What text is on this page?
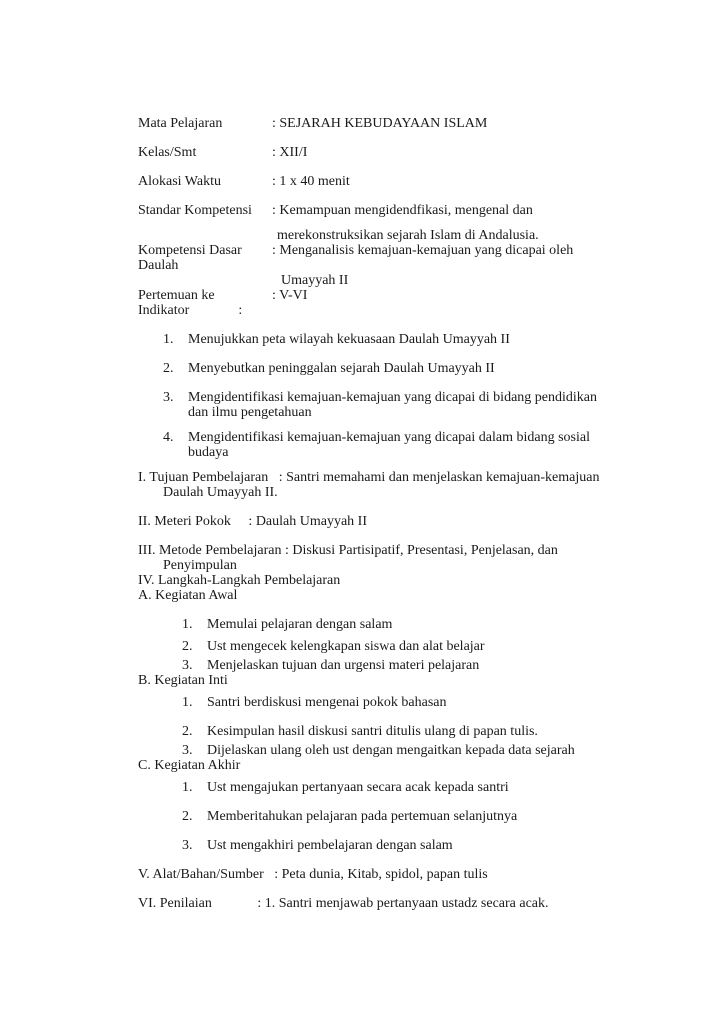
Mata Pelajaran	: SEJARAH KEBUDAYAAN ISLAM
Kelas/Smt	: XII/I
Alokasi Waktu	: 1 x 40 menit
Standar Kompetensi	: Kemampuan mengidendfikasi, mengenal dan
merekonstruksikan sejarah Islam di Andalusia.
Kompetensi Dasar	: Menganalisis kemajuan-kemajuan yang dicapai oleh
Daulah
Umayyah II
Pertemuan ke	: V-VI
Indikator              :
1.	Menujukkan peta wilayah kekuasaan Daulah Umayyah II
2.	Menyebutkan peninggalan sejarah Daulah Umayyah II
3.	Mengidentifikasi kemajuan-kemajuan yang dicapai di bidang pendidikan
dan ilmu pengetahuan
4.	Mengidentifikasi kemajuan-kemajuan yang dicapai dalam bidang sosial
budaya
I. Tujuan Pembelajaran   : Santri memahami dan menjelaskan kemajuan-kemajuan
Daulah Umayyah II.
II. Meteri Pokok     : Daulah Umayyah II
III. Metode Pembelajaran : Diskusi Partisipatif, Presentasi, Penjelasan, dan
Penyimpulan
IV. Langkah-Langkah Pembelajaran
A. Kegiatan Awal
1.	Memulai pelajaran dengan salam
2.	Ust mengecek kelengkapan siswa dan alat belajar
3.	Menjelaskan tujuan dan urgensi materi pelajaran
B. Kegiatan Inti
1.	Santri berdiskusi mengenai pokok bahasan
2.	Kesimpulan hasil diskusi santri ditulis ulang di papan tulis.
3.	Dijelaskan ulang oleh ust dengan mengaitkan kepada data sejarah
C. Kegiatan Akhir
1.	Ust mengajukan pertanyaan secara acak kepada santri
2.	Memberitahukan pelajaran pada pertemuan selanjutnya
3.	Ust mengakhiri pembelajaran dengan salam
V. Alat/Bahan/Sumber   : Peta dunia, Kitab, spidol, papan tulis
VI. Penilaian             : 1. Santri menjawab pertanyaan ustadz secara acak.
